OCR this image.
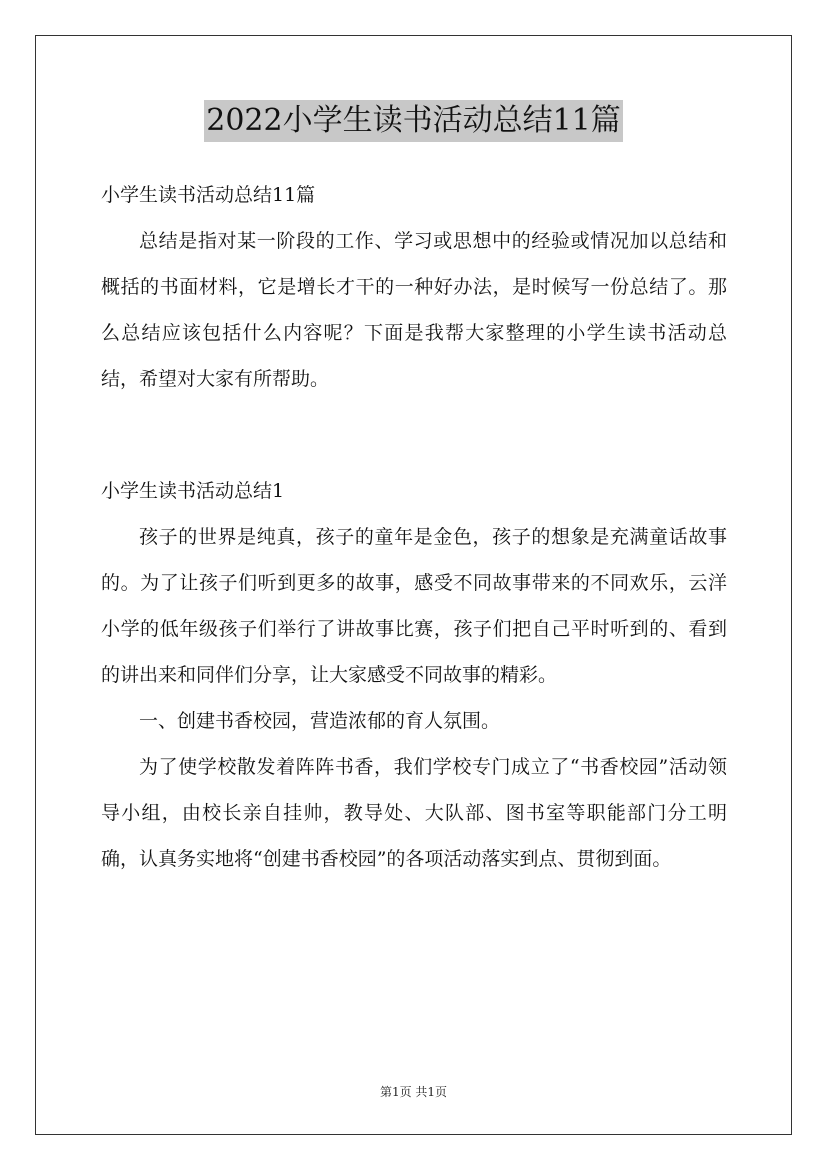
2022小学生读书活动总结11篇

小学生读书活动总结11篇

总结是指对某一阶段的工作、学习或思想中的经验或情况加以总结和概括的书面材料，它是增长才干的一种好办法，是时候写一份总结了。那么总结应该包括什么内容呢？下面是我帮大家整理的小学生读书活动总结，希望对大家有所帮助。

小学生读书活动总结1

孩子的世界是纯真，孩子的童年是金色，孩子的想象是充满童话故事的。为了让孩子们听到更多的故事，感受不同故事带来的不同欢乐，云洋小学的低年级孩子们举行了讲故事比赛，孩子们把自己平时听到的、看到的讲出来和同伴们分享，让大家感受不同故事的精彩。

一、创建书香校园，营造浓郁的育人氛围。

为了使学校散发着阵阵书香，我们学校专门成立了“书香校园”活动领导小组，由校长亲自挂帅，教导处、大队部、图书室等职能部门分工明确，认真务实地将“创建书香校园”的各项活动落实到点、贯彻到面。

第1页 共1页
